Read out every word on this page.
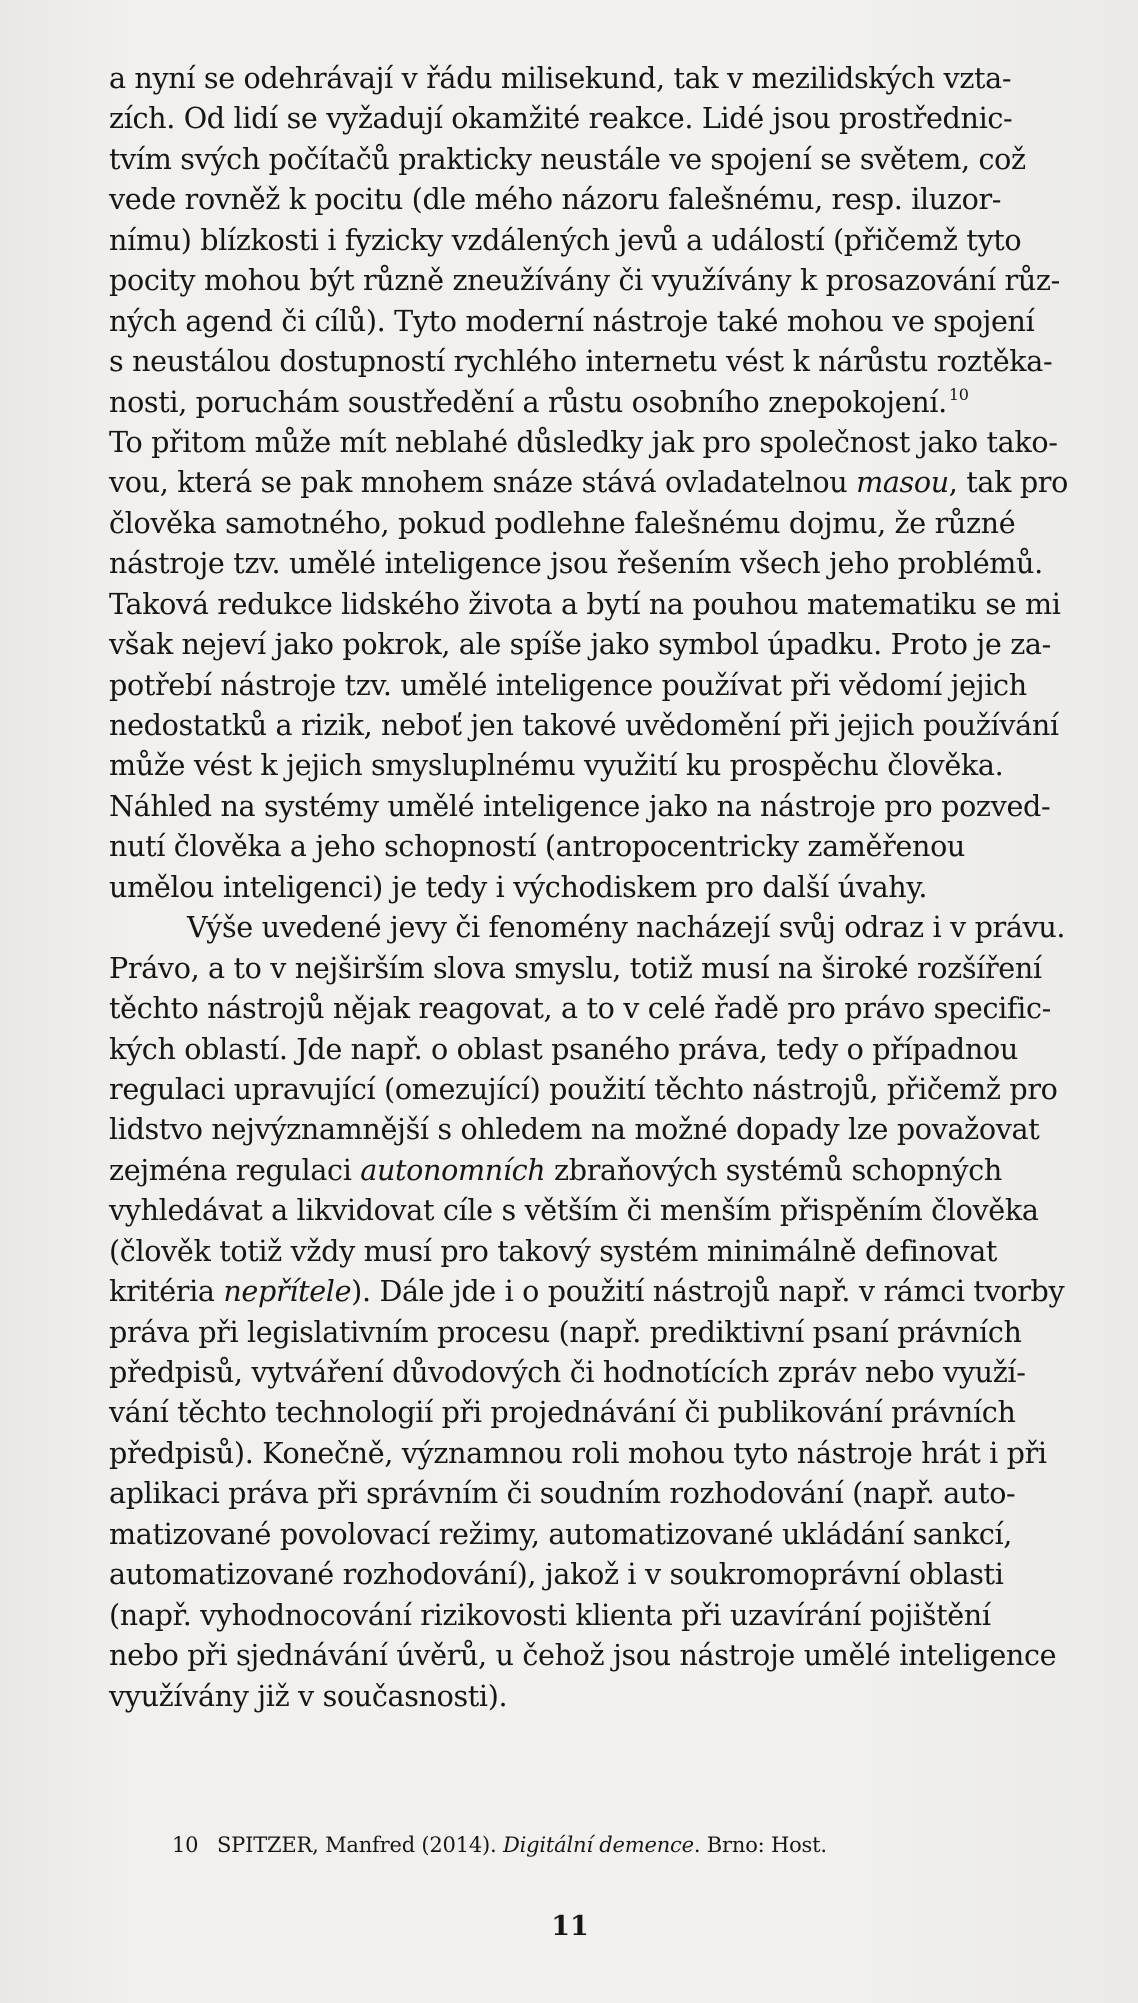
a nyní se odehrávají v řádu milisekund, tak v mezilidských vzta-
zích. Od lidí se vyžadují okamžité reakce. Lidé jsou prostřednic-
tvím svých počítačů prakticky neustále ve spojení se světem, což
vede rovněž k pocitu (dle mého názoru falešnému, resp. iluzor-
nímu) blízkosti i fyzicky vzdálených jevů a událostí (přičemž tyto
pocity mohou být různě zneužívány či využívány k prosazování růz-
ných agend či cílů). Tyto moderní nástroje také mohou ve spojení
s neustálou dostupností rychlého internetu vést k nárůstu roztěka-
nosti, poruchám soustředění a růstu osobního znepokojení. $^{10}$
To přitom může mít neblahé důsledky jak pro společnost jako tako-
vou, která se pak mnohem snáze stává ovladatelnou masou, tak pro
člověka samotného, pokud podlehne falešnému dojmu, že různé
nástroje tzv. umělé inteligence jsou řešením všech jeho problémů.
Taková redukce lidského života a bytí na pouhou matematiku se mi
však nejeví jako pokrok, ale spíše jako symbol úpadku. Proto je za-
potřebí nástroje tzv. umělé inteligence používat při vědomí jejich
nedostatků a rizik, neboť jen takové uvědomění při jejich používání
může vést k jejich smysluplnému využití ku prospěchu člověka.
Náhled na systémy umělé inteligence jako na nástroje pro pozved-
nutí člověka a jeho schopností (antropocentricky zaměřenou
umělou inteligenci) je tedy i východiskem pro další úvahy.
Výše uvedené jevy či fenomény nacházejí svůj odraz i v právu.
Právo, a to v nejširším slova smyslu, totiž musí na široké rozšíření
těchto nástrojů nějak reagovat, a to v celé řadě pro právo specific-
kých oblastí. Jde např. o oblast psaného práva, tedy o případnou
regulaci upravující (omezující) použití těchto nástrojů, přičemž pro
lidstvo nejvýznamnější s ohledem na možné dopady lze považovat
zejména regulaci autonomních zbraňových systémů schopných
vyhledávat a likvidovat cíle s větším či menším přispěním člověka
(člověk totiž vždy musí pro takový systém minimálně definovat
kritéria nepřítele). Dále jde i o použití nástrojů např. v rámci tvorby
práva při legislativním procesu (např. prediktivní psaní právních
předpisů, vytváření důvodových či hodnotících zpráv nebo využí-
vání těchto technologií při projednávání či publikování právních
předpisů). Konečně, významnou roli mohou tyto nástroje hrát i při
aplikaci práva při správním či soudním rozhodování (např. auto-
matizované povolovací režimy, automatizované ukládání sankcí,
automatizované rozhodování), jakož i v soukromoprávní oblasti
(např. vyhodnocování rizikovosti klienta při uzavírání pojištění
nebo při sjednávání úvěrů, u čehož jsou nástroje umělé inteligence
využívány již v současnosti).
10 SPITZER, Manfred (2014). Digitální demence. Brno: Host.
11
